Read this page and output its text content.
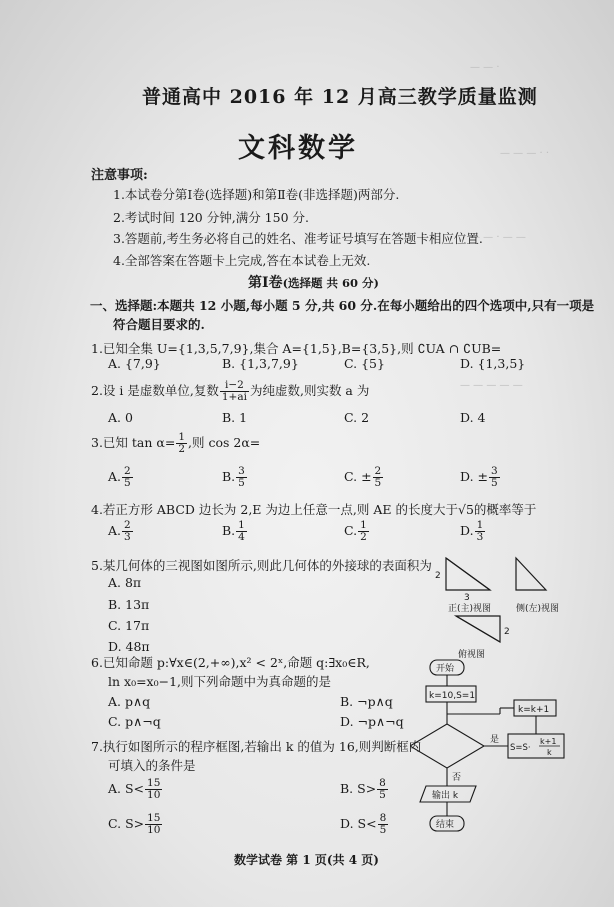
— — ·
— — — · ·
— — · — —
— — — — —
普通高中 2016 年 12 月高三教学质量监测
文科数学
注意事项:
1.本试卷分第Ⅰ卷(选择题)和第Ⅱ卷(非选择题)两部分.
2.考试时间 120 分钟,满分 150 分.
3.答题前,考生务必将自己的姓名、准考证号填写在答题卡相应位置.
4.全部答案在答题卡上完成,答在本试卷上无效.
第Ⅰ卷(选择题 共 60 分)
一、选择题:本题共 12 小题,每小题 5 分,共 60 分.在每小题给出的四个选项中,只有一项是
符合题目要求的.
1.已知全集 U={1,3,5,7,9},集合 A={1,5},B={3,5},则 ∁UA ∩ ∁UB=
A. {7,9}	B. {1,3,7,9}	C. {5}	D. {1,3,5}
2.设 i 是虚数单位,复数 $\frac{i-2}{1+ai}$ 为纯虚数,则实数 a 为
A. 0	B. 1	C. 2	D. 4
3.已知 $\tan \alpha= \frac{1}{2}$ ,则 cos 2α=
A. $\frac{2}{5}$	B. $\frac{3}{5}$	C. ± $\frac{2}{5}$	D. ± $\frac{3}{5}$
4.若正方形 ABCD 边长为 2,E 为边上任意一点,则 AE 的长度大于√5的概率等于
A. $\frac{2}{3}$	B. $\frac{1}{4}$	C. $\frac{1}{2}$	D. $\frac{1}{3}$
5.某几何体的三视图如图所示,则此几何体的外接球的表面积为
A. 8π
B. 13π
C. 17π
D. 48π
2
3
2
正(主)视图	侧(左)视图
俯视图
6.已知命题 p:∀x∈(2,+∞),x² < 2ˣ,命题 q:∃x₀∈R,
ln x₀=x₀−1,则下列命题中为真命题的是
A. p∧q	B. ¬p∧q
C. p∧¬q	D. ¬p∧¬q
7.执行如图所示的程序框图,若输出 k 的值为 16,则判断框内
可填入的条件是
A. $S< \frac{15}{10}$	B. $S> \frac{8}{5}$
C. $S> \frac{15}{10}$	D. $S< \frac{8}{5}$
开始
k=10,S=1
k=k+1
是
S=S·
k+1
k
否
输出 k
结束
数学试卷 第 1 页(共 4 页)
